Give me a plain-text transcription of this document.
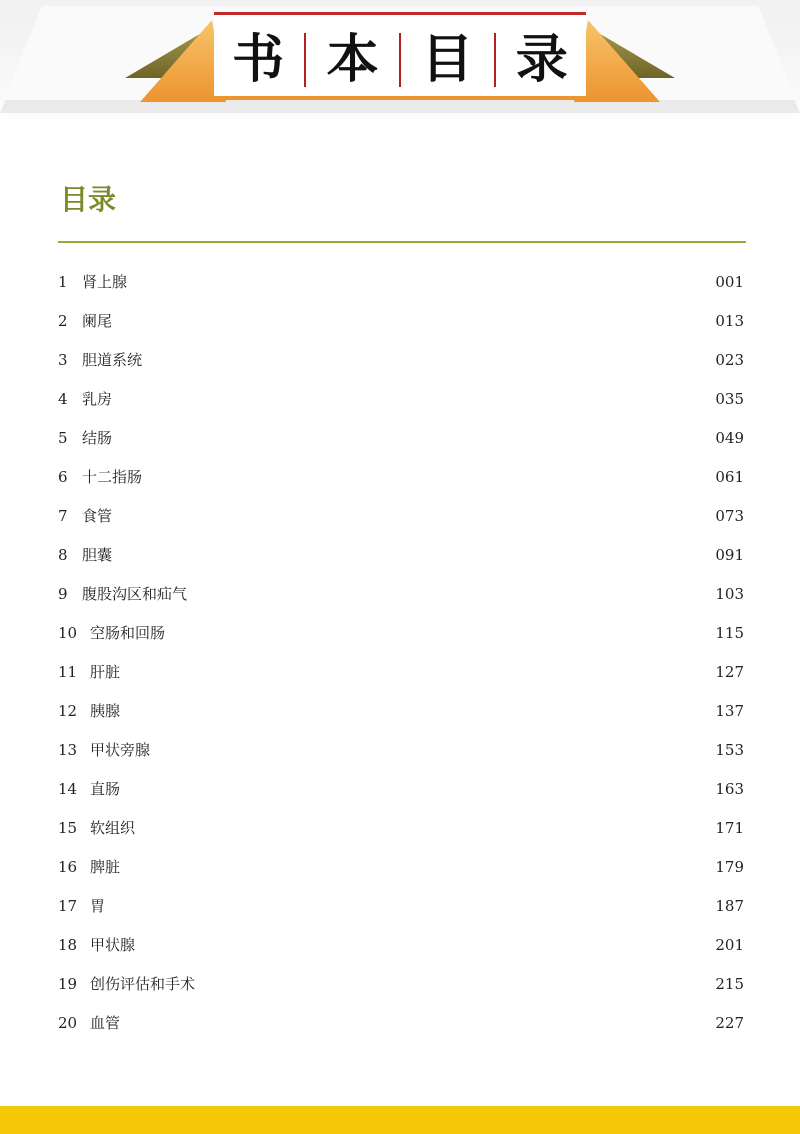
书 本 目 录
目录
1 肾上腺	001
2 阑尾	013
3 胆道系统	023
4 乳房	035
5 结肠	049
6 十二指肠	061
7 食管	073
8 胆囊	091
9 腹股沟区和疝气	103
10 空肠和回肠	115
11 肝脏	127
12 胰腺	137
13 甲状旁腺	153
14 直肠	163
15 软组织	171
16 脾脏	179
17 胃	187
18 甲状腺	201
19 创伤评估和手术	215
20 血管	227
